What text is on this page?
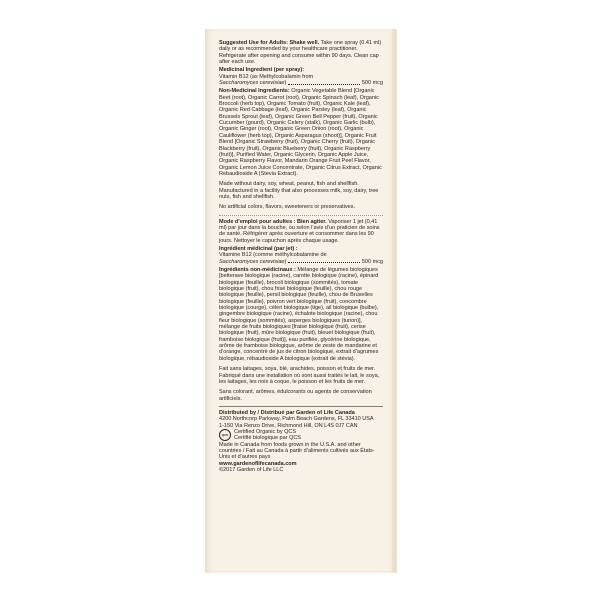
Suggested Use for Adults: Shake well. Take one spray (0.41 ml) daily or as recommended by your healthcare practitioner. Refrigerate after opening and consume within 90 days. Clean cap after each use.

Medicinal Ingredient (per spray):

Vitamin B12 (as Methylcobalamin from

Saccharomyces cerevisiae)	500 mcg

Non-Medicinal Ingredients: Organic Vegetable Blend [Organic Beet (root), Organic Carrot (root), Organic Spinach (leaf), Organic Broccoli (herb top), Organic Tomato (fruit), Organic Kale (leaf), Organic Red Cabbage (leaf), Organic Parsley (leaf), Organic Brussels Sprout (leaf), Organic Green Bell Pepper (fruit), Organic Cucumber (gourd), Organic Celery (stalk), Organic Garlic (bulb), Organic Ginger (root), Organic Green Onion (root), Organic Cauliflower (herb top), Organic Asparagus (shoot)], Organic Fruit Blend [Organic Strawberry (fruit), Organic Cherry (fruit), Organic Blackberry (fruit), Organic Blueberry (fruit), Organic Raspberry (fruit)], Purified Water, Organic Glycerin, Organic Apple Juice, Organic Raspberry Flavor, Mandarin Orange Fruit Peel Flavor, Organic Lemon Juice Concentrate, Organic Citrus Extract, Organic Rebaudioside A (Stevia Extract).

Made without dairy, soy, wheat, peanut, fish and shellfish. Manufactured in a facility that also processes milk, soy, dairy, tree nuts, fish and shellfish.

No artificial colors, flavors, sweeteners or preservatives.

Mode d’emploi pour adultes : Bien agiter. Vaporiser 1 jet (0,41 ml) par jour dans la bouche, ou selon l’avis d’un praticien de soins de santé. Réfrigérer après ouverture et consommer dans les 90 jours. Nettoyer le capuchon après chaque usage.

Ingrédient médicinal (par jet) :

Vitamine B12 (comme méthylcobalamine de

Saccharomyces cerevisiae)	500 mcg

Ingrédients non-médicinaux : Mélange de légumes biologiques [betterave biologique (racine), carotte biologique (racine), épinard biologique (feuille), brocoli biologique (sommités), tomate biologique (fruit), chou frisé biologique (feuille), chou rouge biologique (feuille), persil biologique (feuille), chou de Bruxelles biologique (feuille), poivron vert biologique (fruit), concombre biologique (courge), céleri biologique (tige), ail biologique (bulbe), gingembre biologique (racine), échalote biologique (racine), chou fleur biologique (sommités), asperges biologiques (turion)], mélange de fruits biologiques [fraise biologique (fruit), cerise biologique (fruit), mûre biologique (fruit), bleuet biologique (fruit), framboise biologique (fruit)], eau purifiée, glycérine biologique, arôme de framboise biologique, arôme de zeste de mandarine et d’orange, concentré de jus de citron biologique, extrait d’agrumes biologique, rébaudioside A biologique (extrait de stévia).

Fait sans laitages, soya, blé, arachides, poisson et fruits de mer. Fabriqué dans une installation où sont aussi traités le lait, le soya, les laitages, les noix à coque, le poisson et les fruits de mer.

Sans colorant, arômes, édulcorants ou agents de conservation artificiels.

Distributed by / Distribué par Garden of Life Canada

4200 Northcorp Parkway, Palm Beach Gardens, FL 33410 USA

1-150 Via Renzo Drive, Richmond Hill, ON L4S 0J7 CAN

QCS	Certified Organic by QCS

Certifié biologique par QCS

Made in Canada from foods grown in the U.S.A. and other countries / Fait au Canada à partir d’aliments cultivés aux États-Unis et d’autres pays

www.gardenoflifecanada.com

©2017 Garden of Life LLC
